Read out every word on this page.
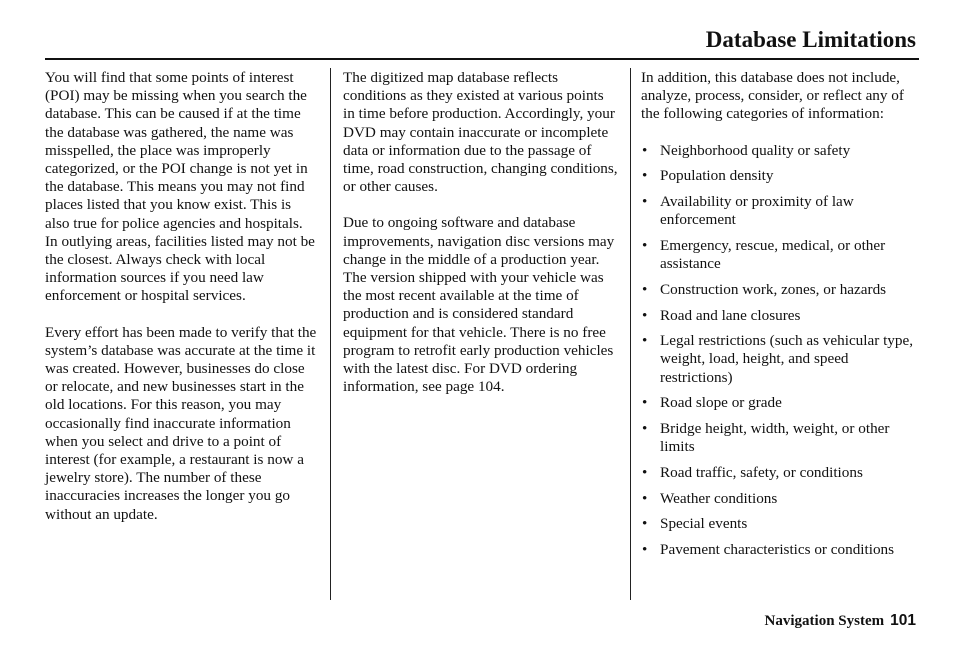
Database Limitations

You will find that some points of interest (POI) may be missing when you search the database. This can be caused if at the time the database was gathered, the name was misspelled, the place was improperly categorized, or the POI change is not yet in the database. This means you may not find places listed that you know exist. This is also true for police agencies and hospitals. In outlying areas, facilities listed may not be the closest. Always check with local information sources if you need law enforcement or hospital services.

Every effort has been made to verify that the system’s database was accurate at the time it was created. However, businesses do close or relocate, and new businesses start in the old locations. For this reason, you may occasionally find inaccurate information when you select and drive to a point of interest (for example, a restaurant is now a jewelry store). The number of these inaccuracies increases the longer you go without an update.

The digitized map database reflects conditions as they existed at various points in time before production. Accordingly, your DVD may contain inaccurate or incomplete data or information due to the passage of time, road construction, changing conditions, or other causes.

Due to ongoing software and database improvements, navigation disc versions may change in the middle of a production year. The version shipped with your vehicle was the most recent available at the time of production and is considered standard equipment for that vehicle. There is no free program to retrofit early production vehicles with the latest disc. For DVD ordering information, see page 104.

In addition, this database does not include, analyze, process, consider, or reflect any of the following categories of information:

• Neighborhood quality or safety
• Population density
• Availability or proximity of law enforcement
• Emergency, rescue, medical, or other assistance
• Construction work, zones, or hazards
• Road and lane closures
• Legal restrictions (such as vehicular type, weight, load, height, and speed restrictions)
• Road slope or grade
• Bridge height, width, weight, or other limits
• Road traffic, safety, or conditions
• Weather conditions
• Special events
• Pavement characteristics or conditions
Navigation System 101
